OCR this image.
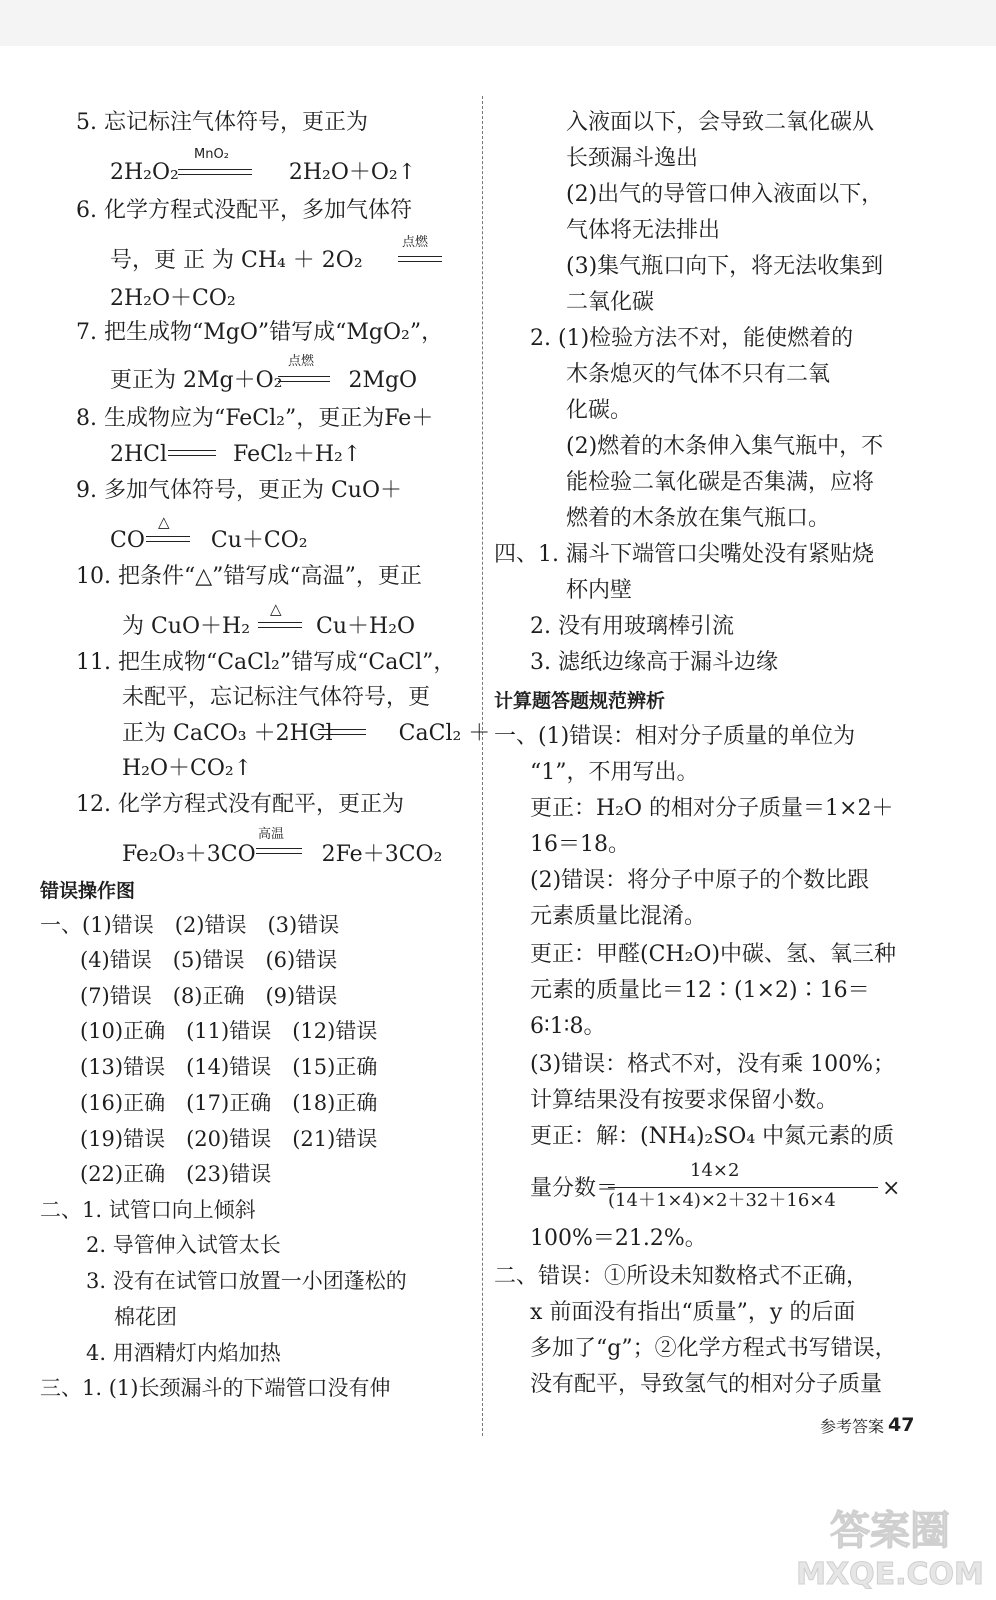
5. 忘记标注气体符号，更正为
MnO₂
2H₂O₂　　　　　2H₂O＋O₂↑
6. 化学方程式没配平，多加气体符
号，更 正 为 CH₄ ＋ 2O₂
点燃
2H₂O＋CO₂
7. 把生成物“MgO”错写成“MgO₂”，
点燃
更正为 2Mg＋O₂　　　2MgO
8. 生成物应为“FeCl₂”，更正为Fe＋
2HCl　　　FeCl₂＋H₂↑
9. 多加气体符号，更正为 CuO＋
△
CO　　　Cu＋CO₂
10. 把条件“△”错写成“高温”，更正
△
为 CuO＋H₂　　　Cu＋H₂O
11. 把生成物“CaCl₂”错写成“CaCl”，
未配平，忘记标注气体符号，更
正为 CaCO₃ ＋2HCl　　　CaCl₂ ＋
H₂O＋CO₂↑
12. 化学方程式没有配平，更正为
高温
Fe₂O₃＋3CO　　　2Fe＋3CO₂
错误操作图
一、(1)错误　(2)错误　(3)错误
(4)错误　(5)错误　(6)错误
(7)错误　(8)正确　(9)错误
(10)正确　(11)错误　(12)错误
(13)错误　(14)错误　(15)正确
(16)正确　(17)正确　(18)正确
(19)错误　(20)错误　(21)错误
(22)正确　(23)错误
二、1. 试管口向上倾斜
2. 导管伸入试管太长
3. 没有在试管口放置一小团蓬松的
棉花团
4. 用酒精灯内焰加热
三、1. (1)长颈漏斗的下端管口没有伸
入液面以下，会导致二氧化碳从
长颈漏斗逸出
(2)出气的导管口伸入液面以下，
气体将无法排出
(3)集气瓶口向下，将无法收集到
二氧化碳
2. (1)检验方法不对，能使燃着的
木条熄灭的气体不只有二氧
化碳。
(2)燃着的木条伸入集气瓶中，不
能检验二氧化碳是否集满，应将
燃着的木条放在集气瓶口。
四、1. 漏斗下端管口尖嘴处没有紧贴烧
杯内壁
2. 没有用玻璃棒引流
3. 滤纸边缘高于漏斗边缘
计算题答题规范辨析
一、(1)错误：相对分子质量的单位为
“1”，不用写出。
更正：H₂O 的相对分子质量＝1×2＋
16＝18。
(2)错误：将分子中原子的个数比跟
元素质量比混淆。
更正：甲醛(CH₂O)中碳、氢、氧三种
元素的质量比＝12∶(1×2)∶16＝
6∶1∶8。
(3)错误：格式不对，没有乘 100%；
计算结果没有按要求保留小数。
更正：解：(NH₄)₂SO₄ 中氮元素的质
量分数＝
14×2
(14＋1×4)×2＋32＋16×4 ×
100%＝21.2%。
二、错误：①所设未知数格式不正确，
x 前面没有指出“质量”，y 的后面
多加了“g”；②化学方程式书写错误，
没有配平，导致氢气的相对分子质量
参考答案 47
答案圈
MXQE.COM
